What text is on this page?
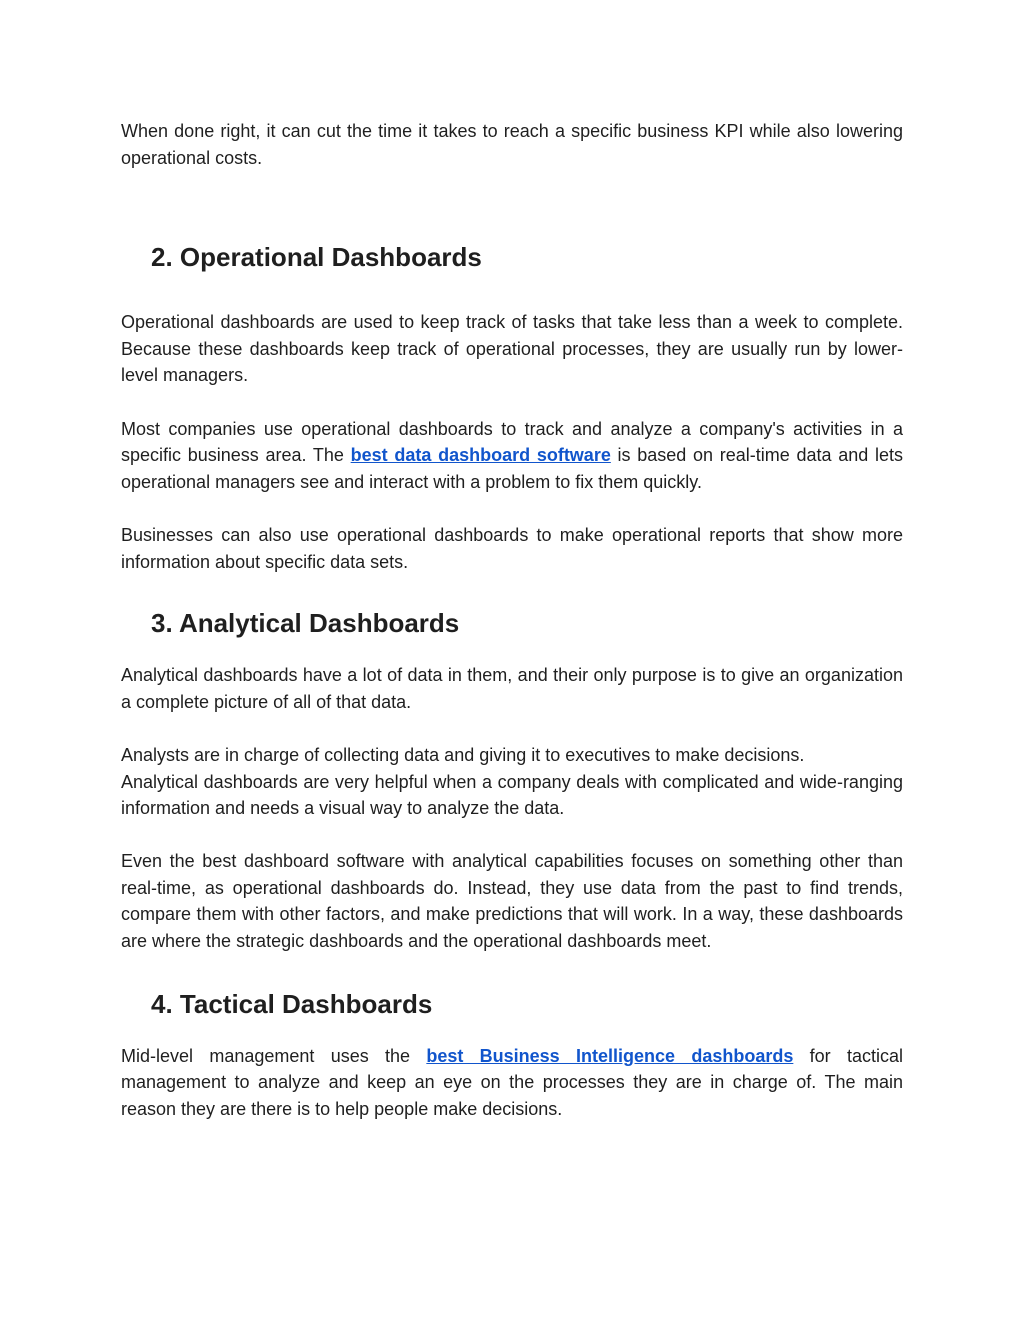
When done right, it can cut the time it takes to reach a specific business KPI while also lowering operational costs.

2. Operational Dashboards

Operational dashboards are used to keep track of tasks that take less than a week to complete. Because these dashboards keep track of operational processes, they are usually run by lower-level managers.

Most companies use operational dashboards to track and analyze a company's activities in a specific business area. The best data dashboard software is based on real-time data and lets operational managers see and interact with a problem to fix them quickly.

Businesses can also use operational dashboards to make operational reports that show more information about specific data sets.

3. Analytical Dashboards

Analytical dashboards have a lot of data in them, and their only purpose is to give an organization a complete picture of all of that data.

Analysts are in charge of collecting data and giving it to executives to make decisions.

Analytical dashboards are very helpful when a company deals with complicated and wide-ranging information and needs a visual way to analyze the data.

Even the best dashboard software with analytical capabilities focuses on something other than real-time, as operational dashboards do. Instead, they use data from the past to find trends, compare them with other factors, and make predictions that will work. In a way, these dashboards are where the strategic dashboards and the operational dashboards meet.

4. Tactical Dashboards

Mid-level management uses the best Business Intelligence dashboards for tactical management to analyze and keep an eye on the processes they are in charge of. The main reason they are there is to help people make decisions.
